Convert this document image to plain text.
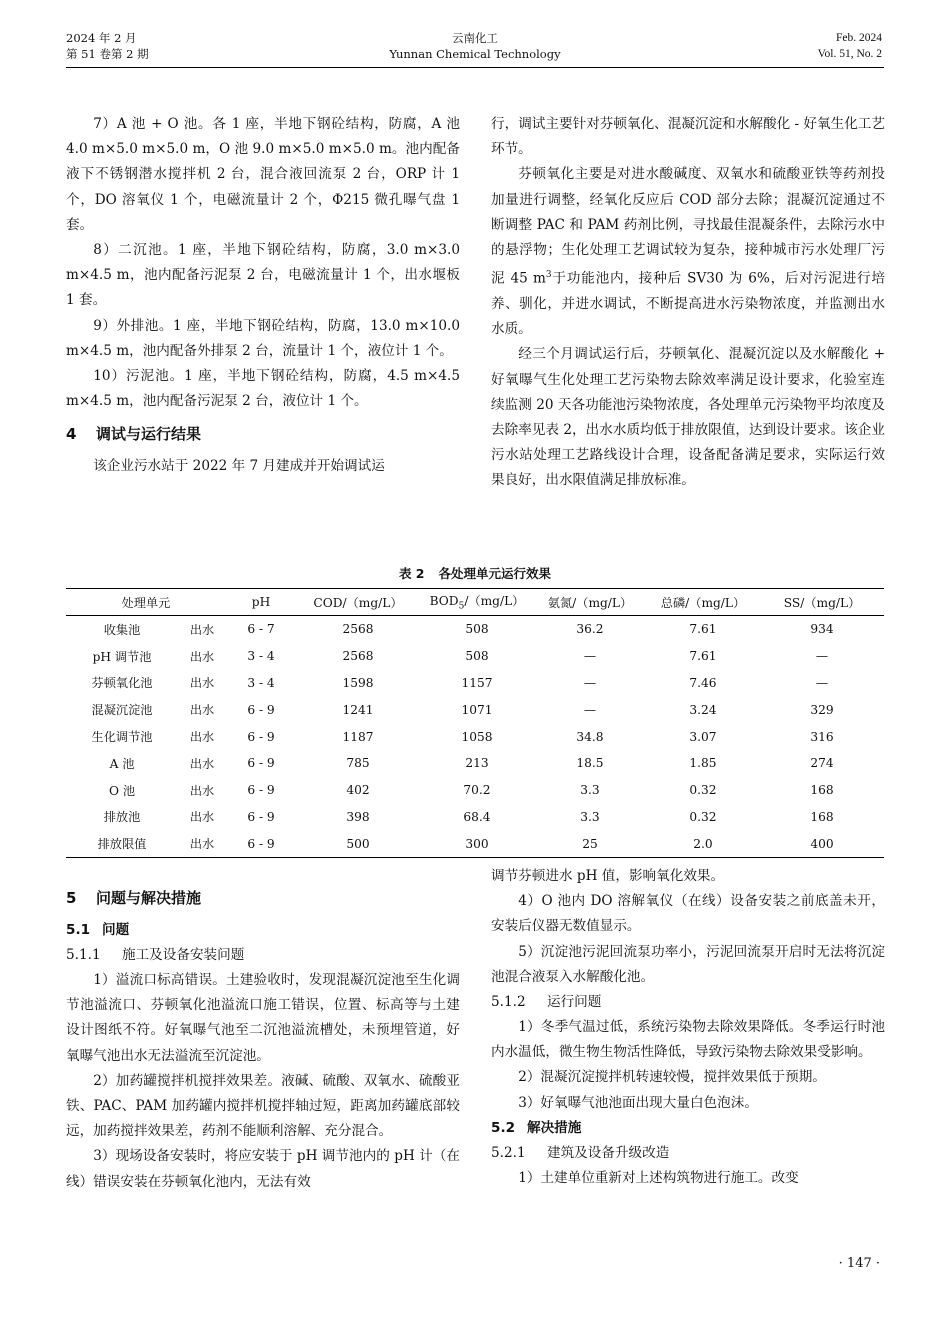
2024 年 2 月
第 51 卷第 2 期
云南化工
Yunnan Chemical Technology
Feb. 2024
Vol. 51, No. 2

7）A 池 + O 池。各 1 座，半地下钢砼结构，防腐，A 池 4.0 m×5.0 m×5.0 m，O 池 9.0 m×5.0 m×5.0 m。池内配备液下不锈钢潜水搅拌机 2 台，混合液回流泵 2 台，ORP 计 1 个，DO 溶氧仪 1 个，电磁流量计 2 个，Φ215 微孔曝气盘 1 套。

8）二沉池。1 座，半地下钢砼结构，防腐，3.0 m×3.0 m×4.5 m，池内配备污泥泵 2 台，电磁流量计 1 个，出水堰板 1 套。

9）外排池。1 座，半地下钢砼结构，防腐，13.0 m×10.0 m×4.5 m，池内配备外排泵 2 台，流量计 1 个，液位计 1 个。

10）污泥池。1 座，半地下钢砼结构，防腐，4.5 m×4.5 m×4.5 m，池内配备污泥泵 2 台，液位计 1 个。

4 调试与运行结果

该企业污水站于 2022 年 7 月建成并开始调试运

行，调试主要针对芬顿氧化、混凝沉淀和水解酸化 - 好氧生化工艺环节。

芬顿氧化主要是对进水酸碱度、双氧水和硫酸亚铁等药剂投加量进行调整，经氧化反应后 COD 部分去除；混凝沉淀通过不断调整 PAC 和 PAM 药剂比例，寻找最佳混凝条件，去除污水中的悬浮物；生化处理工艺调试较为复杂，接种城市污水处理厂污泥 45 $m^3$于功能池内，接种后 SV30 为 6%，后对污泥进行培养、驯化，并进水调试，不断提高进水污染物浓度，并监测出水水质。

经三个月调试运行后，芬顿氧化、混凝沉淀以及水解酸化 + 好氧曝气生化处理工艺污染物去除效率满足设计要求，化验室连续监测 20 天各功能池污染物浓度，各处理单元污染物平均浓度及去除率见表 2，出水水质均低于排放限值，达到设计要求。该企业污水站处理工艺路线设计合理，设备配备满足要求，实际运行效果良好，出水限值满足排放标准。

表 2 各处理单元运行效果
处理单元		pH	COD/（mg/L）	$BOD_5/(mg/L)$	氨氮/（mg/L）	总磷/（mg/L）	SS/（mg/L）
收集池	出水	6 - 7	2568	508	36.2	7.61	934
pH 调节池	出水	3 - 4	2568	508	—	7.61	—
芬顿氧化池	出水	3 - 4	1598	1157	—	7.46	—
混凝沉淀池	出水	6 - 9	1241	1071	—	3.24	329
生化调节池	出水	6 - 9	1187	1058	34.8	3.07	316
A 池	出水	6 - 9	785	213	18.5	1.85	274
O 池	出水	6 - 9	402	70.2	3.3	0.32	168
排放池	出水	6 - 9	398	68.4	3.3	0.32	168
排放限值	出水	6 - 9	500	300	25	2.0	400
5 问题与解决措施
5.1 问题
5.1.1 施工及设备安装问题

1）溢流口标高错误。土建验收时，发现混凝沉淀池至生化调节池溢流口、芬顿氧化池溢流口施工错误，位置、标高等与土建设计图纸不符。好氧曝气池至二沉池溢流槽处，未预埋管道，好氧曝气池出水无法溢流至沉淀池。

2）加药罐搅拌机搅拌效果差。液碱、硫酸、双氧水、硫酸亚铁、PAC、PAM 加药罐内搅拌机搅拌轴过短，距离加药罐底部较远，加药搅拌效果差，药剂不能顺利溶解、充分混合。

3）现场设备安装时，将应安装于 pH 调节池内的 pH 计（在线）错误安装在芬顿氧化池内，无法有效

调节芬顿进水 pH 值，影响氧化效果。

4）O 池内 DO 溶解氧仪（在线）设备安装之前底盖未开，安装后仪器无数值显示。

5）沉淀池污泥回流泵功率小，污泥回流泵开启时无法将沉淀池混合液泵入水解酸化池。

5.1.2 运行问题

1）冬季气温过低，系统污染物去除效果降低。冬季运行时池内水温低，微生物生物活性降低，导致污染物去除效果受影响。

2）混凝沉淀搅拌机转速较慢，搅拌效果低于预期。

3）好氧曝气池池面出现大量白色泡沫。

5.2 解决措施
5.2.1 建筑及设备升级改造

1）土建单位重新对上述构筑物进行施工。改变

· 147 ·
